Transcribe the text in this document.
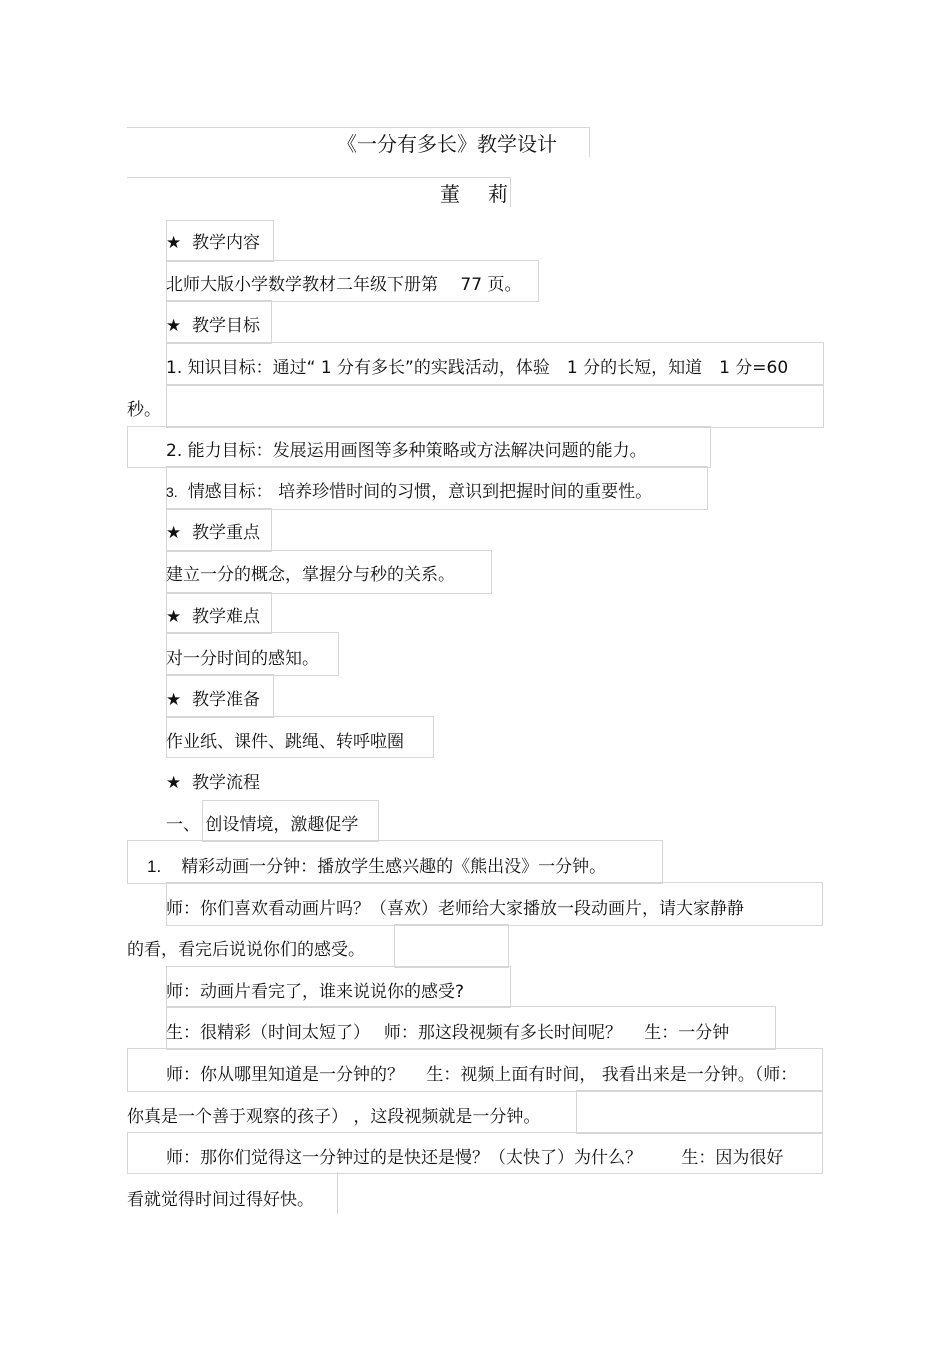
《一分有多长》教学设计
董莉
★ 教学内容
北师大版小学数学教材二年级下册第　 77 页。
★ 教学目标
1. 知识目标：通过“ 1 分有多长”的实践活动，体验　1 分的长短，知道　1 分=60
秒。
2. 能力目标：发展运用画图等多种策略或方法解决问题的能力。
3. 情感目标： 培养珍惜时间的习惯，意识到把握时间的重要性。
★ 教学重点
建立一分的概念，掌握分与秒的关系。
★ 教学难点
对一分时间的感知。
★ 教学准备
作业纸、课件、跳绳、转呼啦圈
★ 教学流程
一、 创设情境，激趣促学
1. 精彩动画一分钟：播放学生感兴趣的《熊出没》一分钟。
师：你们喜欢看动画片吗？（喜欢）老师给大家播放一段动画片，请大家静静
的看，看完后说说你们的感受。
师：动画片看完了，谁来说说你的感受?
生：很精彩（时间太短了）　 师：那这段视频有多长时间呢？　 生：一分钟
师：你从哪里知道是一分钟的？　 生：视频上面有时间， 我看出来是一分钟。（师：
你真是一个善于观察的孩子） ，这段视频就是一分钟。
师：那你们觉得这一分钟过的是快还是慢？（太快了）为什么？　　 生：因为很好
看就觉得时间过得好快。
